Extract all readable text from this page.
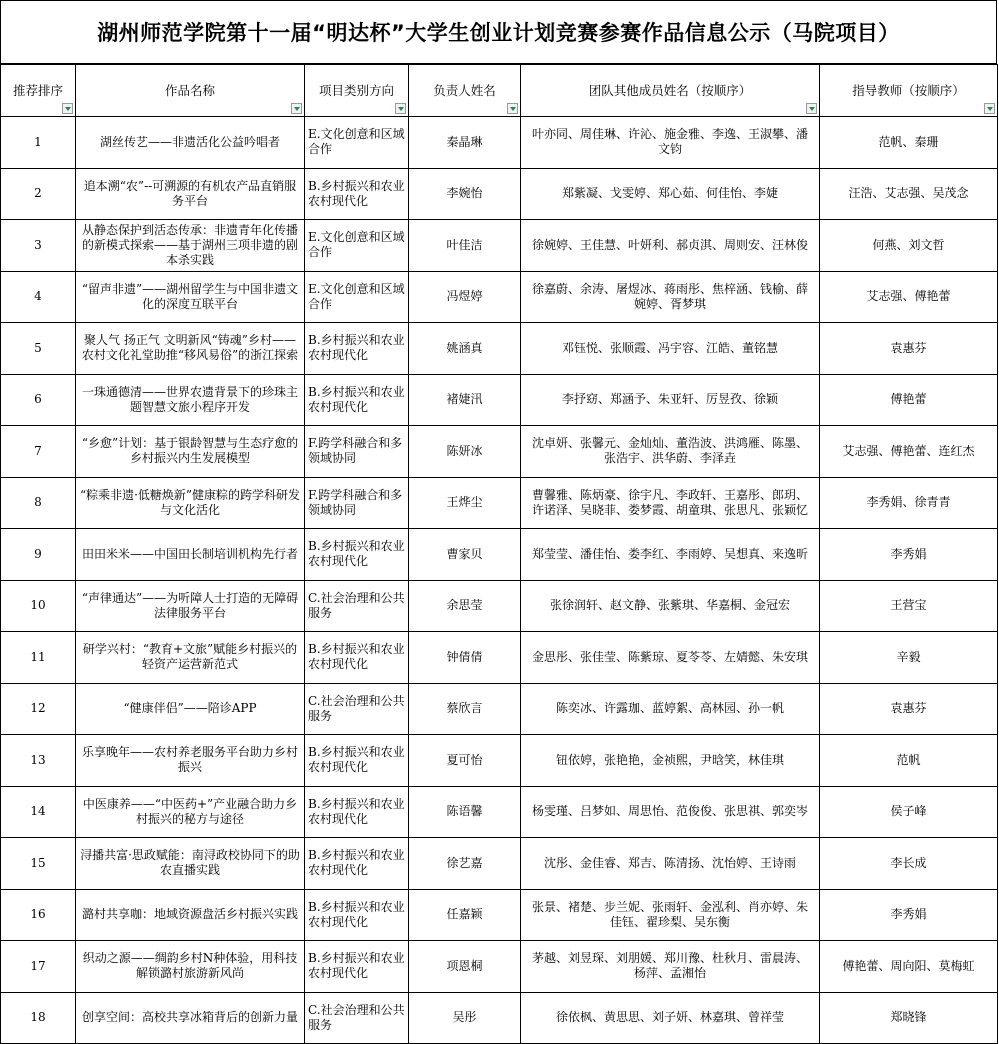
湖州师范学院第十一届“明达杯”大学生创业计划竞赛参赛作品信息公示（马院项目）
推荐排序	作品名称	项目类别方向	负责人姓名	团队其他成员姓名（按顺序）	指导教师（按顺序）

1	湖丝传艺——非遗活化公益吟唱者	E.文化创意和区域合作	秦晶琳	叶亦同、周佳琳、许沁、施金雅、李逸、王淑攀、潘文钧	范帆、秦珊
2	追本溯“农”--可溯源的有机农产品直销服务平台	B.乡村振兴和农业农村现代化	李婉怡	郑紫凝、戈雯婷、郑心茹、何佳怡、李婕	汪浩、艾志强、吴茂念
3	从静态保护到活态传承：非遗青年化传播的新模式探索——基于湖州三项非遗的剧本杀实践	E.文化创意和区域合作	叶佳洁	徐婉婷、王佳慧、叶妍利、郝贞淇、周则安、汪林俊	何燕、刘文哲
4	“留声非遗”——湖州留学生与中国非遗文化的深度互联平台	E.文化创意和区域合作	冯煜婷	徐嘉蔚、余涛、屠煜冰、蒋雨彤、焦梓涵、钱榆、薛婉婷、胥梦琪	艾志强、傅艳蕾
5	聚人气 扬正气 文明新风“铸魂”乡村——农村文化礼堂助推“移风易俗”的浙江探索	B.乡村振兴和农业农村现代化	姚涵真	邓钰悦、张顺霞、冯宇容、江皓、董铭慧	袁惠芬
6	一珠通德清——世界农遗背景下的珍珠主题智慧文旅小程序开发	B.乡村振兴和农业农村现代化	褚婕汛	李抒窈、郑涵予、朱亚轩、厉昱孜、徐颖	傅艳蕾
7	“乡愈”计划：基于银龄智慧与生态疗愈的乡村振兴内生发展模型	F.跨学科融合和多领域协同	陈妍冰	沈卓妍、张馨元、金灿灿、董浩波、洪鸿雁、陈墨、张浩宇、洪华蔚、李泽垚	艾志强、傅艳蕾、连红杰
8	“粽乘非遗·低糖焕新”健康粽的跨学科研发与文化活化	F.跨学科融合和多领域协同	王烨尘	曹馨雅、陈炳豪、徐宇凡、李政轩、王嘉彤、郎玥、许诺泽、吴晓菲、娄梦霞、胡童琪、张思凡、张颖忆	李秀娟、徐青青
9	田田米米——中国田长制培训机构先行者	B.乡村振兴和农业农村现代化	曹家贝	郑莹莹、潘佳怡、娄李红、李雨婷、吴想真、来逸昕	李秀娟
10	“声律通达”——为听障人士打造的无障碍法律服务平台	C.社会治理和公共服务	余思莹	张徐润轩、赵文静、张紫琪、华嘉桐、金冠宏	王营宝
11	研学兴村：“教育+文旅”赋能乡村振兴的轻资产运营新范式	B.乡村振兴和农业农村现代化	钟倩倩	金思彤、张佳莹、陈紫琼、夏苓苓、左婧懿、朱安琪	辛毅
12	“健康伴侣”——陪诊APP	C.社会治理和公共服务	蔡欣言	陈奕冰、许露珈、蓝婷絮、高林园、孙一帆	袁惠芬
13	乐享晚年——农村养老服务平台助力乡村振兴	B.乡村振兴和农业农村现代化	夏可怡	钮依婷，张艳艳，金祯熙，尹晗笑，林佳琪	范帆
14	中医康养——“中医药+”产业融合助力乡村振兴的秘方与途径	B.乡村振兴和农业农村现代化	陈语馨	杨雯瑾、吕梦如、周思怡、范俊俊、张思祺、郭奕岑	侯子峰
15	浔播共富·思政赋能：南浔政校协同下的助农直播实践	B.乡村振兴和农业农村现代化	徐艺嘉	沈彤、金佳睿、郑吉、陈清扬、沈怡婷、王诗雨	李长成
16	潞村共享咖：地域资源盘活乡村振兴实践	B.乡村振兴和农业农村现代化	任嘉颖	张景、褚楚、步兰妮、张雨轩、金泓利、肖亦婷、朱佳钰、翟珍梨、吴东衡	李秀娟
17	织动之源——绸韵乡村N种体验，用科技解锁潞村旅游新风尚	B.乡村振兴和农业农村现代化	项恩桐	茅越、刘昱琛、刘朋媛、郑川豫、杜秋月、雷晨涛、杨萍、孟湘怡	傅艳蕾、周向阳、莫梅虹
18	创享空间：高校共享冰箱背后的创新力量	C.社会治理和公共服务	吴彤	徐依枫、黄思思、刘子妍、林嘉琪、曾祥莹	郑晓锋
